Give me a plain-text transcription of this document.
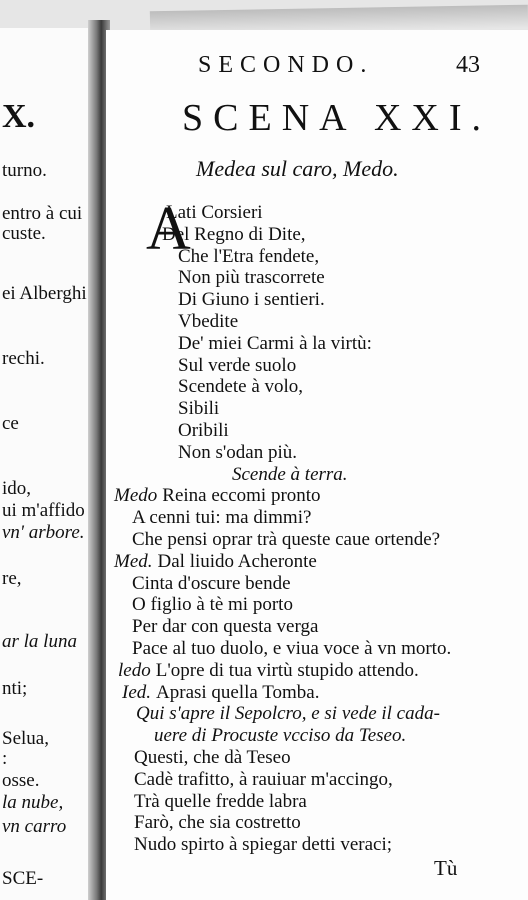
X.
turno.
entro à cui
custe.
ei Alberghi
rechi.
ce
ido,
ui m'affido
vn' arbore.
re,
ar la luna
nti;
Selua,
:
osse.
la nube,
vn carro
SCE-
SECONDO.	43
SCENA XXI.
Medea sul caro, Medo.
A
Lati Corsieri
Del Regno di Dite,
Che l'Etra fendete,
Non più trascorrete
Di Giuno i sentieri.
Vbedite
De' miei Carmi à la virtù:
Sul verde suolo
Scendete à volo,
Sibili
Oribili
Non s'odan più.
Scende à terra.
Medo Reina eccomi pronto
A cenni tui: ma dimmi?
Che pensi oprar trà queste caue ortende?
Med. Dal liuido Acheronte
Cinta d'oscure bende
O figlio à tè mi porto
Per dar con questa verga
Pace al tuo duolo, e viua voce à vn morto.
ledo L'opre di tua virtù stupido attendo.
Ied. Aprasi quella Tomba.
Qui s'apre il Sepolcro, e si vede il cada-
uere di Procuste vcciso da Teseo.
Questi, che dà Teseo
Cadè trafitto, à rauiuar m'accingo,
Trà quelle fredde labra
Farò, che sia costretto
Nudo spirto à spiegar detti veraci;
Tù
